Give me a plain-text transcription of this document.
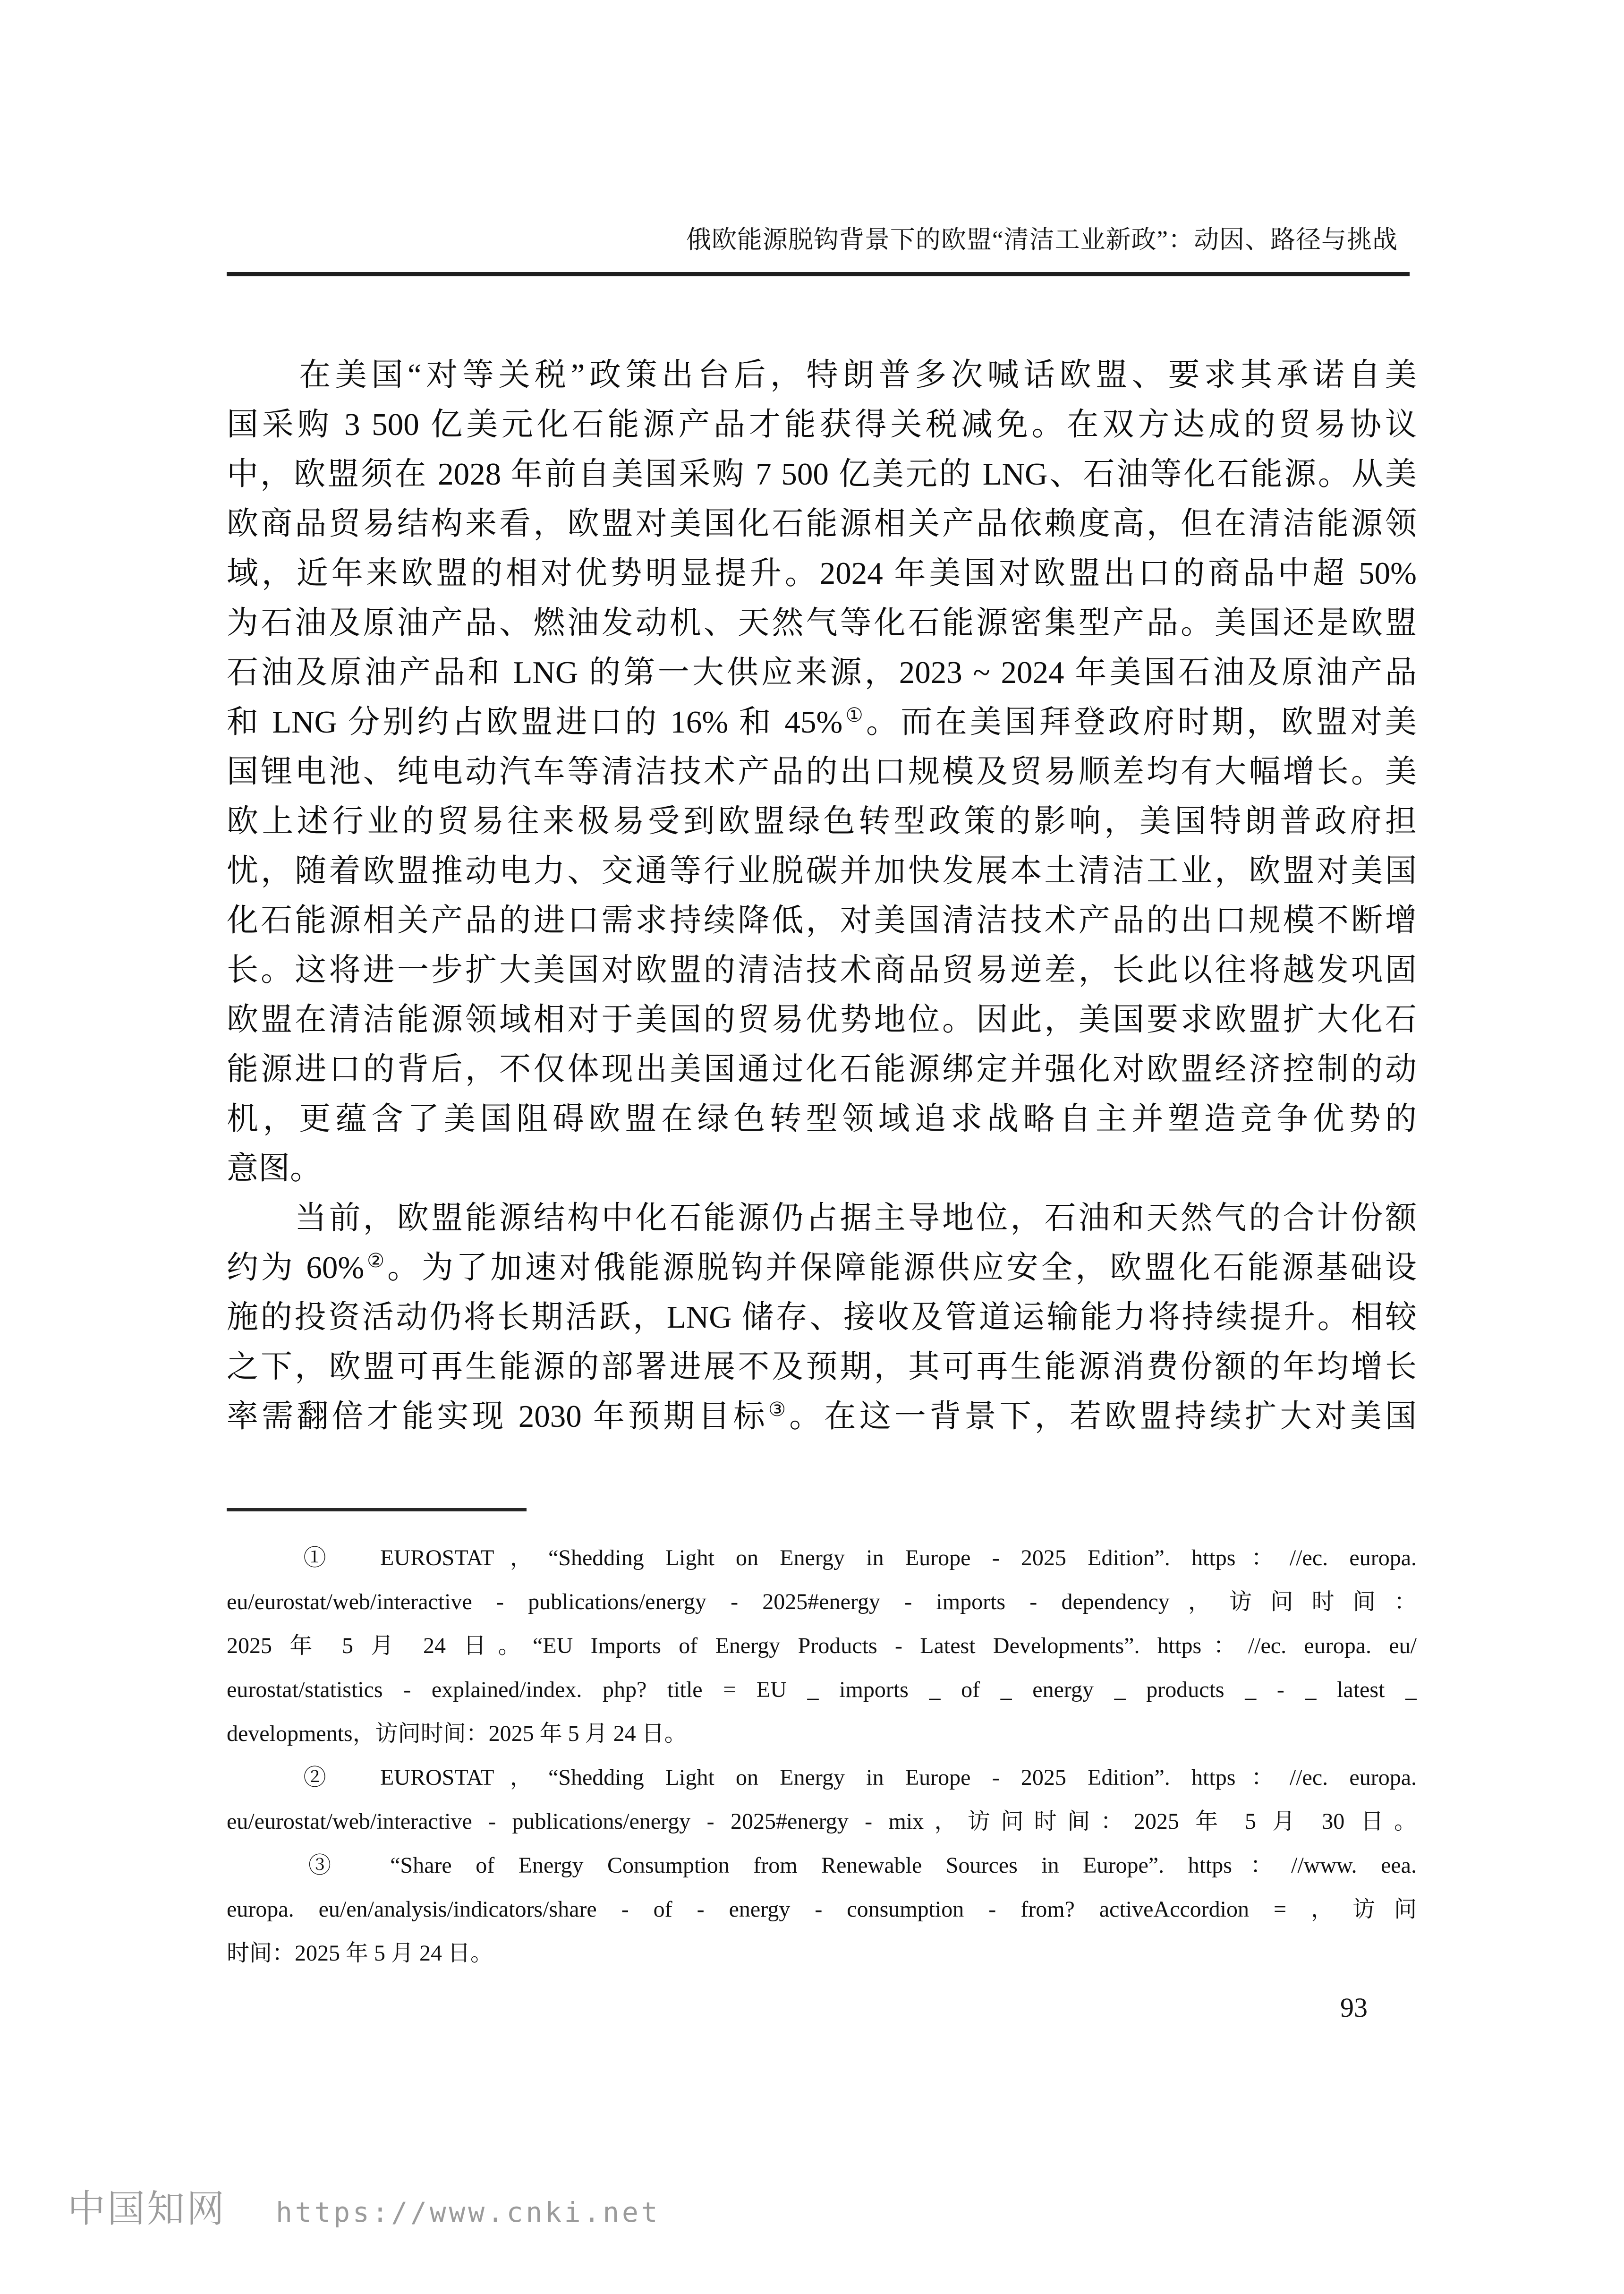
俄欧能源脱钩背景下的欧盟“清洁工业新政”：动因、路径与挑战
　　在美国“对等关税”政策出台后，特朗普多次喊话欧盟、要求其承诺自美
国采购 3 500 亿美元化石能源产品才能获得关税减免。在双方达成的贸易协议
中，欧盟须在 2028 年前自美国采购 7 500 亿美元的 LNG、石油等化石能源。从美
欧商品贸易结构来看，欧盟对美国化石能源相关产品依赖度高，但在清洁能源领
域，近年来欧盟的相对优势明显提升。2024 年美国对欧盟出口的商品中超 50%
为石油及原油产品、燃油发动机、天然气等化石能源密集型产品。美国还是欧盟
石油及原油产品和 LNG 的第一大供应来源，2023 ~ 2024 年美国石油及原油产品
和 LNG 分别约占欧盟进口的 16% 和 45%①。而在美国拜登政府时期，欧盟对美
国锂电池、纯电动汽车等清洁技术产品的出口规模及贸易顺差均有大幅增长。美
欧上述行业的贸易往来极易受到欧盟绿色转型政策的影响，美国特朗普政府担
忧，随着欧盟推动电力、交通等行业脱碳并加快发展本土清洁工业，欧盟对美国
化石能源相关产品的进口需求持续降低，对美国清洁技术产品的出口规模不断增
长。这将进一步扩大美国对欧盟的清洁技术商品贸易逆差，长此以往将越发巩固
欧盟在清洁能源领域相对于美国的贸易优势地位。因此，美国要求欧盟扩大化石
能源进口的背后，不仅体现出美国通过化石能源绑定并强化对欧盟经济控制的动
机，更蕴含了美国阻碍欧盟在绿色转型领域追求战略自主并塑造竞争优势的
意图。
　　当前，欧盟能源结构中化石能源仍占据主导地位，石油和天然气的合计份额
约为 60%②。为了加速对俄能源脱钩并保障能源供应安全，欧盟化石能源基础设
施的投资活动仍将长期活跃，LNG 储存、接收及管道运输能力将持续提升。相较
之下，欧盟可再生能源的部署进展不及预期，其可再生能源消费份额的年均增长
率需翻倍才能实现 2030 年预期目标③。在这一背景下，若欧盟持续扩大对美国
　　①　EUROSTAT，“Shedding Light on Energy in Europe - 2025 Edition”. https：//ec. europa.
eu/eurostat/web/interactive - publications/energy - 2025#energy - imports - dependency，访问时间：
2025 年 5 月 24 日。“EU Imports of Energy Products - Latest Developments”. https：//ec. europa. eu/
eurostat/statistics - explained/index. php? title = EU _ imports _ of _ energy _ products _ - _ latest _
developments，访问时间：2025 年 5 月 24 日。
　　②　EUROSTAT，“Shedding Light on Energy in Europe - 2025 Edition”. https：//ec. europa.
eu/eurostat/web/interactive - publications/energy - 2025#energy - mix，访问时间：2025 年 5 月 30 日。
　　③　“Share of Energy Consumption from Renewable Sources in Europe”. https：//www. eea.
europa. eu/en/analysis/indicators/share - of - energy - consumption - from? activeAccordion = ，访问
时间：2025 年 5 月 24 日。
93
中国知网 https://www.cnki.net
